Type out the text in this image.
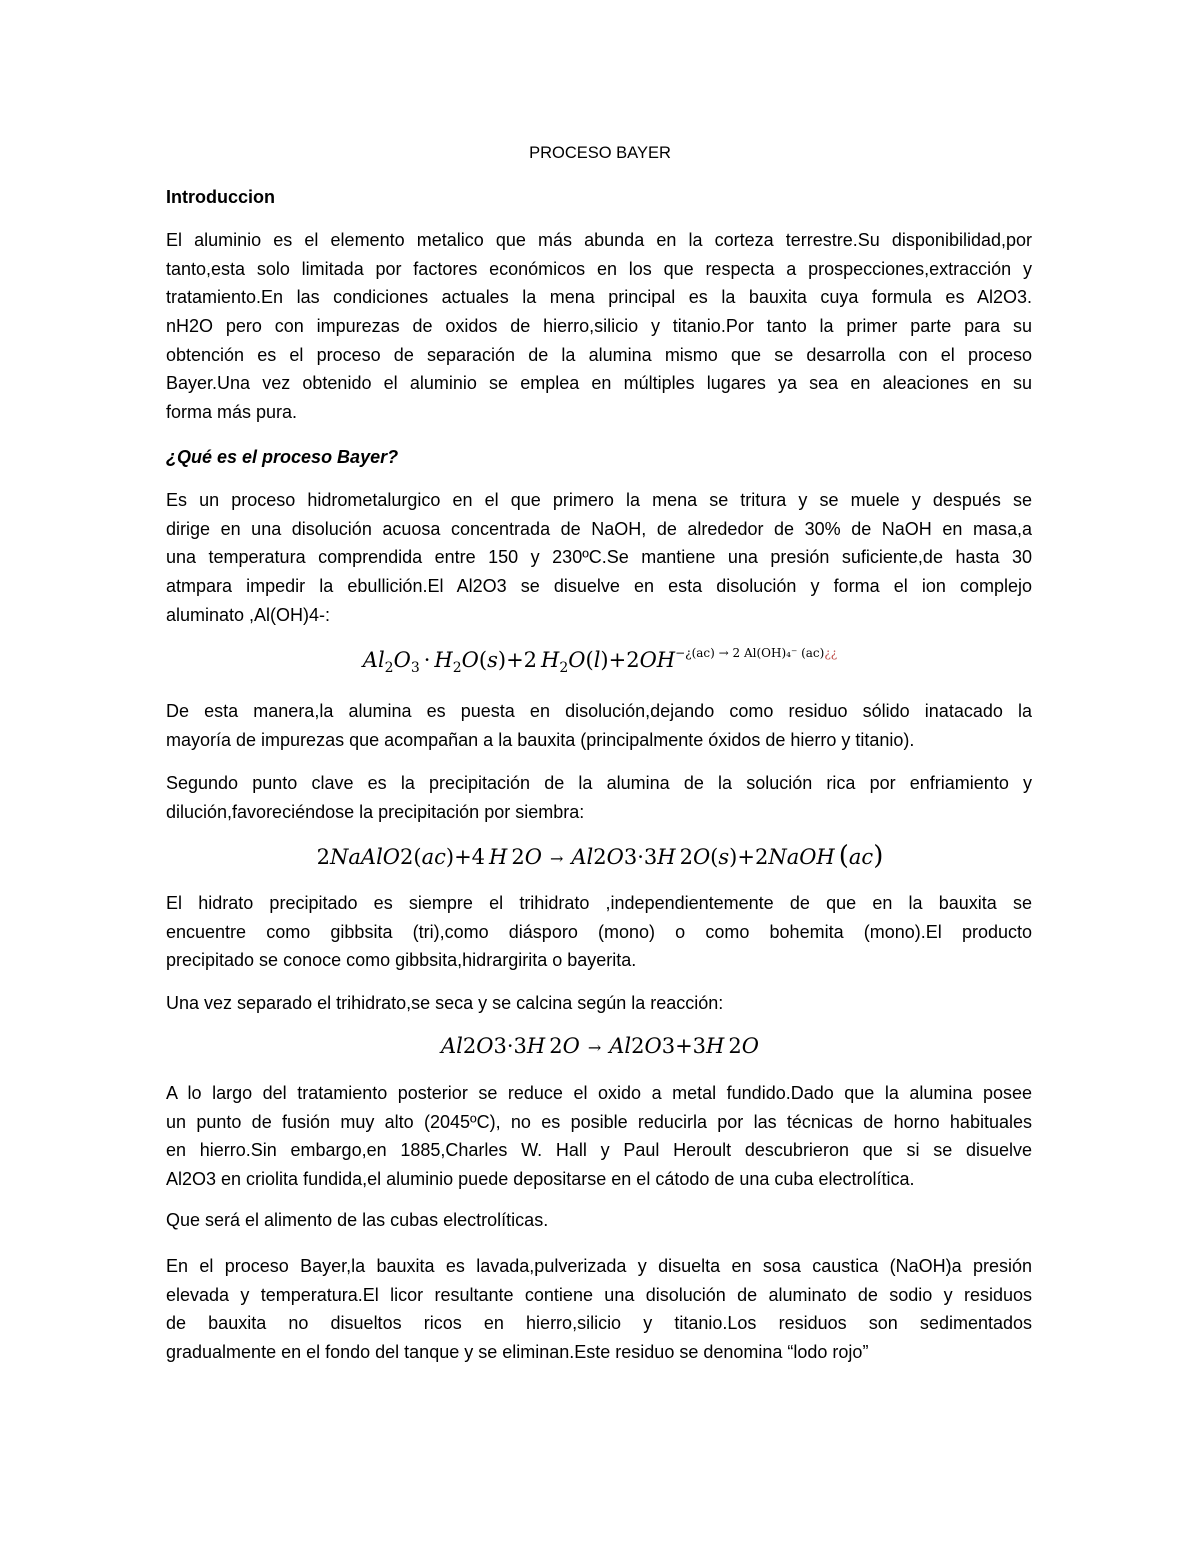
PROCESO BAYER
Introduccion
El aluminio es el elemento metalico que más abunda en la corteza terrestre.Su disponibilidad,por
tanto,esta solo limitada por factores económicos en los que respecta a prospecciones,extracción y
tratamiento.En las condiciones actuales la mena principal es la bauxita cuya formula es Al2O3.
nH2O pero con impurezas de oxidos de hierro,silicio y titanio.Por tanto la primer parte para su
obtención es el proceso de separación de la alumina mismo que se desarrolla con el proceso
Bayer.Una vez obtenido el aluminio se emplea en múltiples lugares ya sea en aleaciones en su
forma más pura.
¿Qué es el proceso Bayer?
Es un proceso hidrometalurgico en el que primero la mena se tritura y se muele y después se
dirige en una disolución acuosa concentrada de NaOH, de alrededor de 30% de NaOH en masa,a
una temperatura comprendida entre 150 y 230ºC.Se mantiene una presión suficiente,de hasta 30
atmpara impedir la ebullición.El Al2O3 se disuelve en esta disolución y forma el ion complejo
aluminato ,Al(OH)4-:
$Al_2O_3 \cdot H_2O(s)+2$ $H_2O(l)+2OH^{-¿(ac) \to 2 Al(OH)_4^- (ac)¿¿}$
De esta manera,la alumina es puesta en disolución,dejando como residuo sólido inatacado la
mayoría de impurezas que acompañan a la bauxita (principalmente óxidos de hierro y titanio).
Segundo punto clave es la precipitación de la alumina de la solución rica por enfriamiento y
dilución,favoreciéndose la precipitación por siembra:
2NaAlO2(ac)+4 H 2O → Al2O3·3H 2O(s)+2NaOH (ac)
El hidrato precipitado es siempre el trihidrato ,independientemente de que en la bauxita se
encuentre como gibbsita (tri),como diásporo (mono) o como bohemita (mono).El producto
precipitado se conoce como gibbsita,hidrargirita o bayerita.
Una vez separado el trihidrato,se seca y se calcina según la reacción:
Al2O3·3H 2O → Al2O3+3H 2O
A lo largo del tratamiento posterior se reduce el oxido a metal fundido.Dado que la alumina posee
un punto de fusión muy alto (2045ºC), no es posible reducirla por las técnicas de horno habituales
en hierro.Sin embargo,en 1885,Charles W. Hall y Paul Heroult descubrieron que si se disuelve
Al2O3 en criolita fundida,el aluminio puede depositarse en el cátodo de una cuba electrolítica.
Que será el alimento de las cubas electrolíticas.
En el proceso Bayer,la bauxita es lavada,pulverizada y disuelta en sosa caustica (NaOH)a presión
elevada y temperatura.El licor resultante contiene una disolución de aluminato de sodio y residuos
de bauxita no disueltos ricos en hierro,silicio y titanio.Los residuos son sedimentados
gradualmente en el fondo del tanque y se eliminan.Este residuo se denomina “lodo rojo”
